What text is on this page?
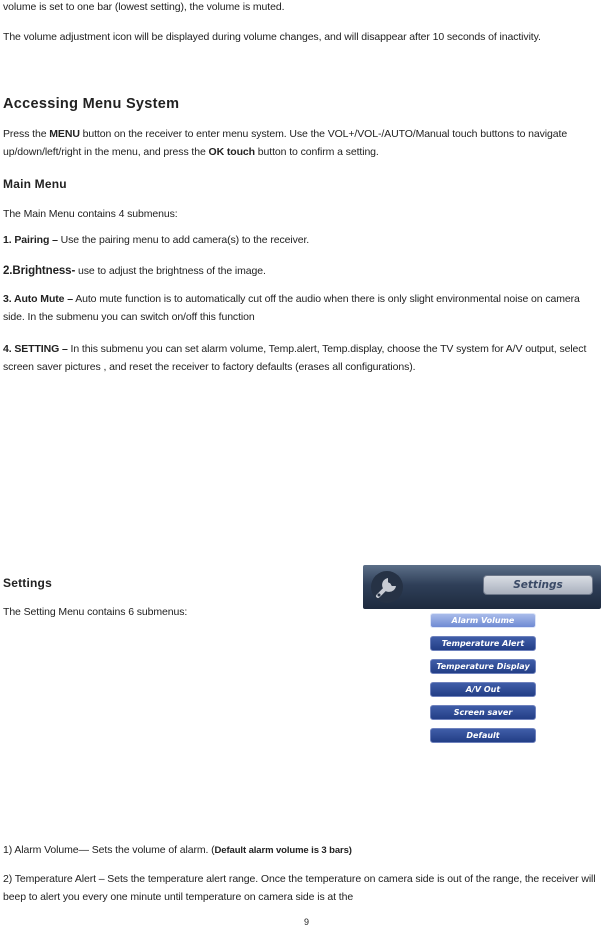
volume is set to one bar (lowest setting), the volume is muted.

The volume adjustment icon will be displayed during volume changes, and will disappear after 10 seconds of inactivity.

Accessing Menu System

Press the MENU button on the receiver to enter menu system. Use the VOL+/VOL-/AUTO/Manual touch buttons to navigate up/down/left/right in the menu, and press the OK touch button to confirm a setting.

Main Menu

The Main Menu contains 4 submenus:

1. Pairing – Use the pairing menu to add camera(s) to the receiver.

2.Brightness- use to adjust the brightness of the image.

3. Auto Mute – Auto mute function is to automatically cut off the audio when there is only slight environmental noise on camera side. In the submenu you can switch on/off this function

4. SETTING – In this submenu you can set alarm volume, Temp.alert, Temp.display, choose the TV system for A/V output, select screen saver pictures , and reset the receiver to factory defaults (erases all configurations).

Settings

The Setting Menu contains 6 submenus:

Settings
Alarm Volume
Temperature Alert
Temperature Display
A/V Out
Screen saver
Default

1) Alarm Volume— Sets the volume of alarm. (Default alarm volume is 3 bars)

2) Temperature Alert – Sets the temperature alert range. Once the temperature on camera side is out of the range, the receiver will beep to alert you every one minute until temperature on camera side is at the

9
